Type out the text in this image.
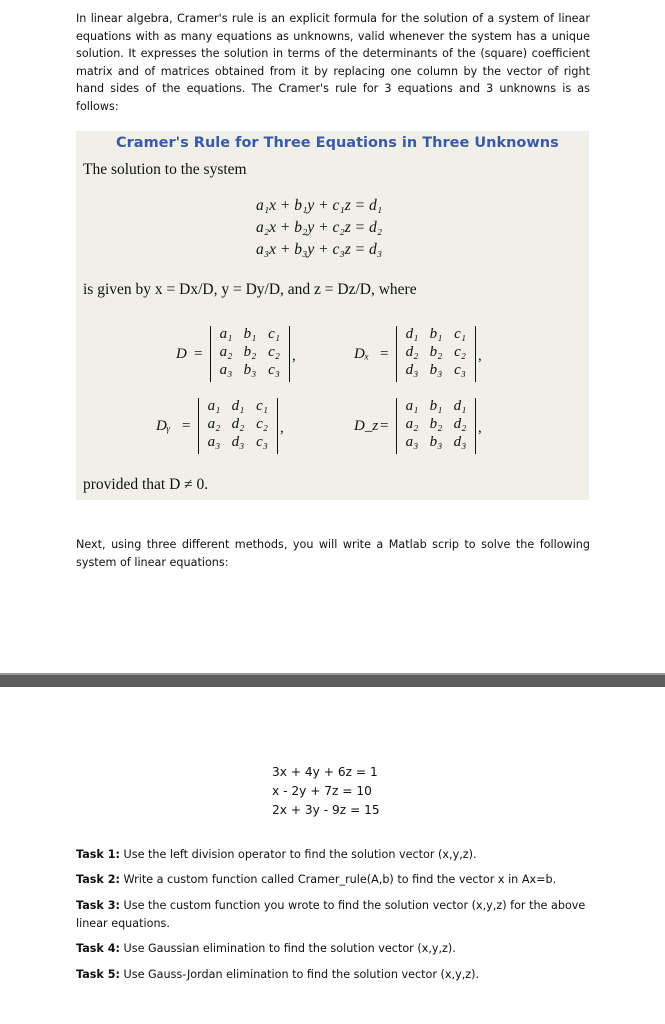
In linear algebra, Cramer's rule is an explicit formula for the solution of a system of linear equations with as many equations as unknowns, valid whenever the system has a unique solution. It expresses the solution in terms of the determinants of the (square) coefficient matrix and of matrices obtained from it by replacing one column by the vector of right hand sides of the equations. The Cramer's rule for 3 equations and 3 unknowns is as follows:
Cramer's Rule for Three Equations in Three Unknowns
The solution to the system
a₁x + b₁y + c₁z = d₁
a₂x + b₂y + c₂z = d₂
a₃x + b₃y + c₃z = d₃
is given by x = Dx/D, y = Dy/D, and z = Dz/D, where
D =
a₁ b₁ c₁
a₂ b₂ c₂
a₃ b₃ c₃
,	Dₓ =
d₁ b₁ c₁
d₂ b₂ c₂
d₃ b₃ c₃
,
Dᵧ =
a₁ d₁ c₁
a₂ d₂ c₂
a₃ d₃ c₃
,	D_z =
a₁ b₁ d₁
a₂ b₂ d₂
a₃ b₃ d₃
,
provided that D ≠ 0.
Next, using three different methods, you will write a Matlab scrip to solve the following system of linear equations:
3x + 4y + 6z = 1
x - 2y + 7z = 10
2x + 3y - 9z = 15
Task 1: Use the left division operator to find the solution vector (x,y,z).
Task 2: Write a custom function called Cramer_rule(A,b) to find the vector x in Ax=b.
Task 3: Use the custom function you wrote to find the solution vector (x,y,z) for the above linear equations.
Task 4: Use Gaussian elimination to find the solution vector (x,y,z).
Task 5: Use Gauss-Jordan elimination to find the solution vector (x,y,z).
